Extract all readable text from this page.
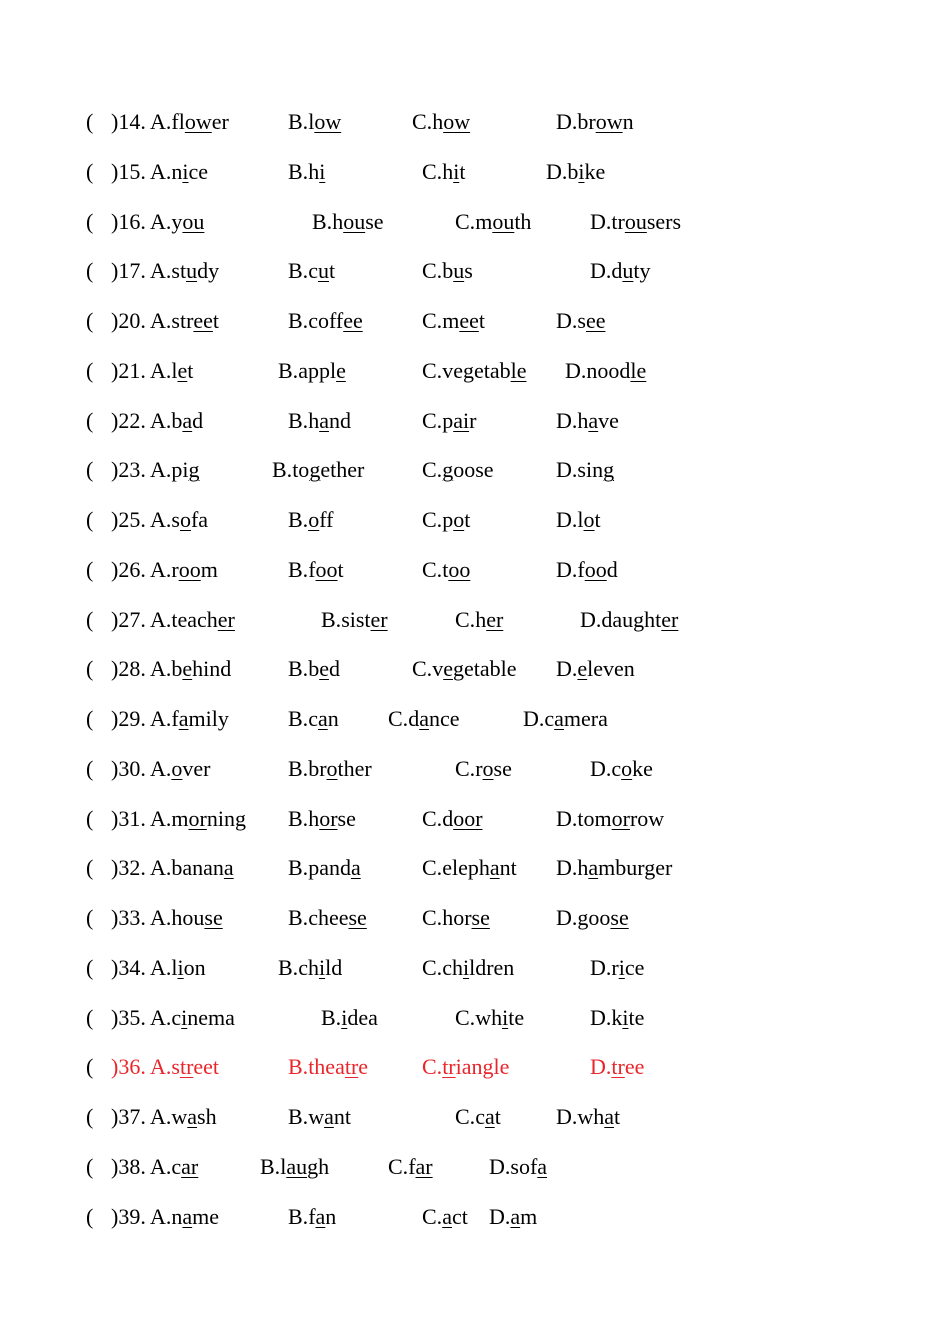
( )14. A.flower	B.low	C.how	D.brown
( )15. A.nice	B.hi	C.hit	D.bike
( )16. A.you	B.house	C.mouth	D.trousers
( )17. A.study	B.cut	C.bus	D.duty
( )20. A.street	B.coffee	C.meet	D.see
( )21. A.let	B.apple	C.vegetable D.noodle
( )22. A.bad	B.hand	C.pair	D.have
( )23. A.pig	B.together	C.goose	D.sing
( )25. A.sofa	B.off	C.pot	D.lot
( )26. A.room	B.foot	C.too	D.food
( )27. A.teacher	B.sister	C.her	D.daughter
( )28. A.behind	B.bed	C.vegetable D.eleven
( )29. A.family	B.can C.dance	D.camera
( )30. A.over	B.brother	C.rose	D.coke
( )31. A.morning B.horse	C.door	D.tomorrow
( )32. A.banana B.panda	C.elephant D.hamburger
( )33. A.house	B.cheese	C.horse	D.goose
( )34. A.lion	B.child	C.children	D.rice
( )35. A.cinema	B.idea	C.white	D.kite
( )36. A.street	B.theatre C.triangle	D.tree
( )37. A.wash	B.want	C.cat	D.what
( )38. A.car	B.laugh	C.far	D.sofa
( )39. A.name	B.fan	C.act D.am
